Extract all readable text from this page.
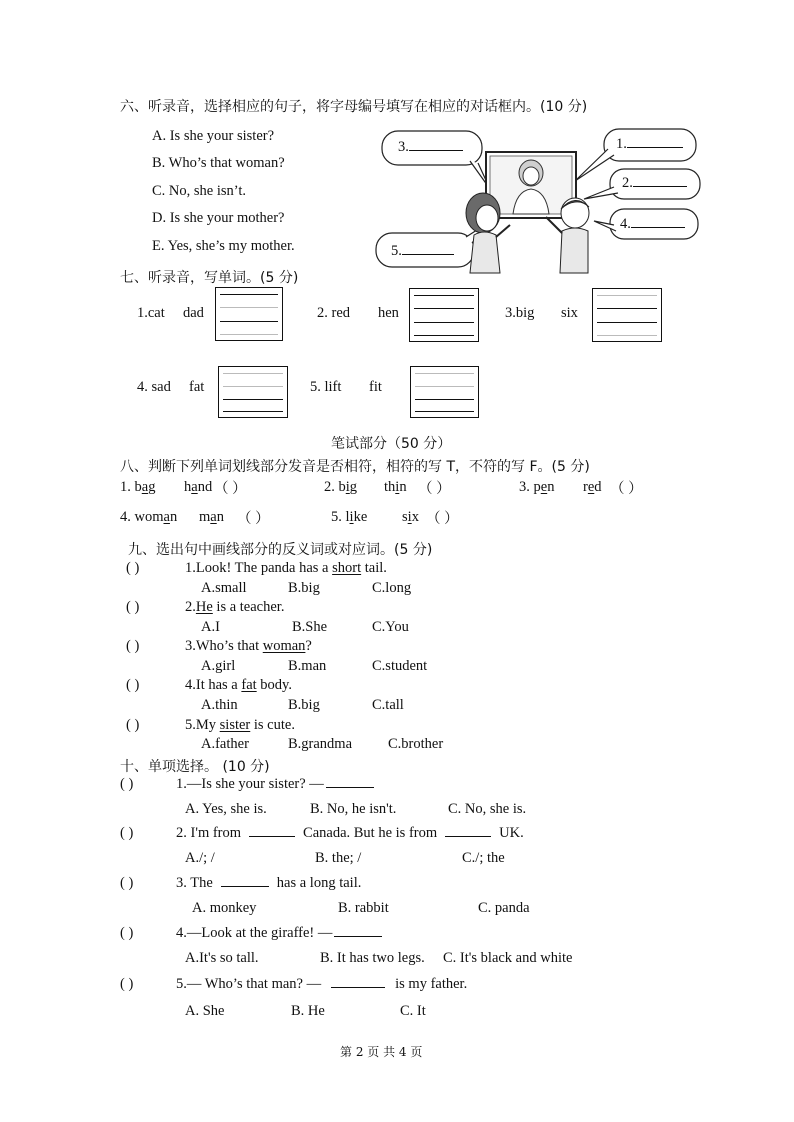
六、听录音，选择相应的句子，将字母编号填写在相应的对话框内。(10 分)
A. Is she your sister?
B. Who’s that woman?
C. No, she isn’t.
D. Is she your mother?
E. Yes, she’s my mother.
3.	1.
2.
4.
5.
七、听录音，写单词。(5 分)
1.cat dad	2. red hen	3.big six
4. sad fat	5. lift fit
笔试部分（50 分）
八、判断下列单词划线部分发音是否相符，相符的写 T，不符的写 F。(5 分)
1. bag hand （ ）	2. big thin （ ）	3. pen red （ ）
4. woman man （ ）	5. like six （ ）
九、选出句中画线部分的反义词或对应词。(5 分)
( )	1.Look! The panda has a short tail.
A.small	B.big	C.long
( )	2.He is a teacher.
A.I	B.She	C.You
( )	3.Who’s that woman?
A.girl	B.man	C.student
( )	4.It has a fat body.
A.thin	B.big	C.tall
( )	5.My sister is cute.
A.father	B.grandma C.brother
十、单项选择。 (10 分)
( )	1.—Is she your sister? —
A. Yes, she is.	B. No, he isn't.	C. No, she is.
( )	2. I'm from	Canada. But he is from	UK.
A./; /	B. the; /	C./; the
( )	3. The	has a long tail.
A. monkey	B. rabbit	C. panda
( )	4.—Look at the giraffe! —
A.It's so tall.	B. It has two legs. C. It's black and white
( )	5.— Who’s that man? —	is my father.
A. She	B. He	C. It
第 2 页 共 4 页
